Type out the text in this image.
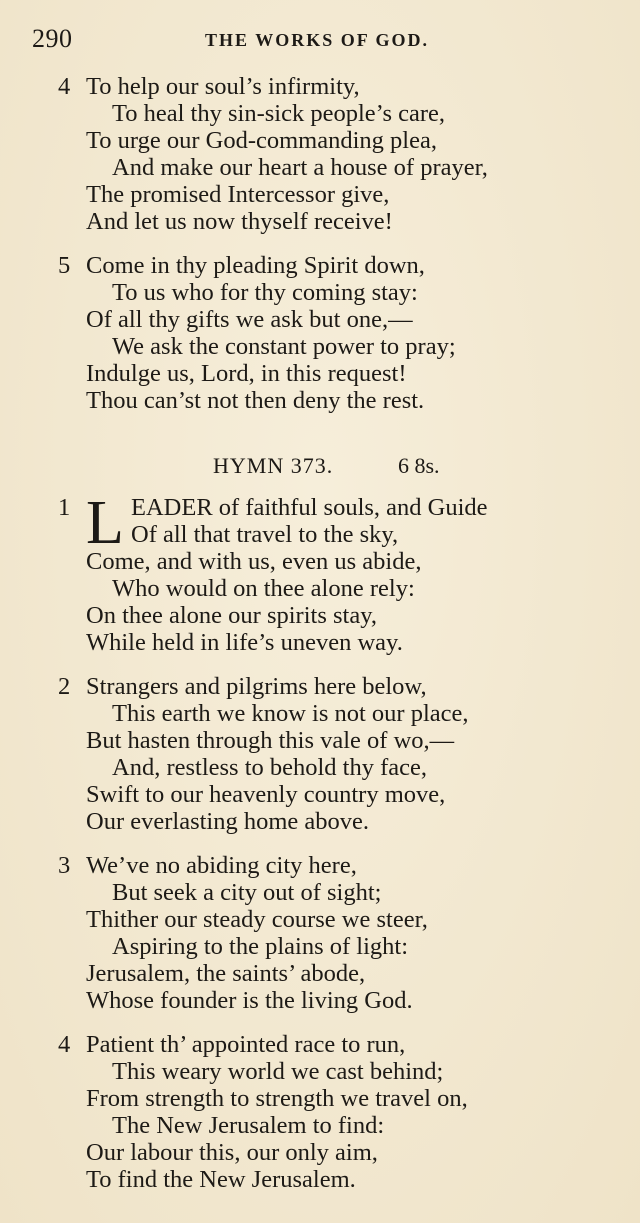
290	THE WORKS OF GOD.
4 To help our soul’s infirmity,
To heal thy sin-sick people’s care,
To urge our God-commanding plea,
And make our heart a house of prayer,
The promised Intercessor give,
And let us now thyself receive!
5 Come in thy pleading Spirit down,
To us who for thy coming stay:
Of all thy gifts we ask but one,—
We ask the constant power to pray;
Indulge us, Lord, in this request!
Thou can’st not then deny the rest.
HYMN 373.	6 8s.
1 L EADER of faithful souls, and Guide
Of all that travel to the sky,
Come, and with us, even us abide,
Who would on thee alone rely:
On thee alone our spirits stay,
While held in life’s uneven way.
2 Strangers and pilgrims here below,
This earth we know is not our place,
But hasten through this vale of wo,—
And, restless to behold thy face,
Swift to our heavenly country move,
Our everlasting home above.
3 We’ve no abiding city here,
But seek a city out of sight;
Thither our steady course we steer,
Aspiring to the plains of light:
Jerusalem, the saints’ abode,
Whose founder is the living God.
4 Patient th’ appointed race to run,
This weary world we cast behind;
From strength to strength we travel on,
The New Jerusalem to find:
Our labour this, our only aim,
To find the New Jerusalem.
